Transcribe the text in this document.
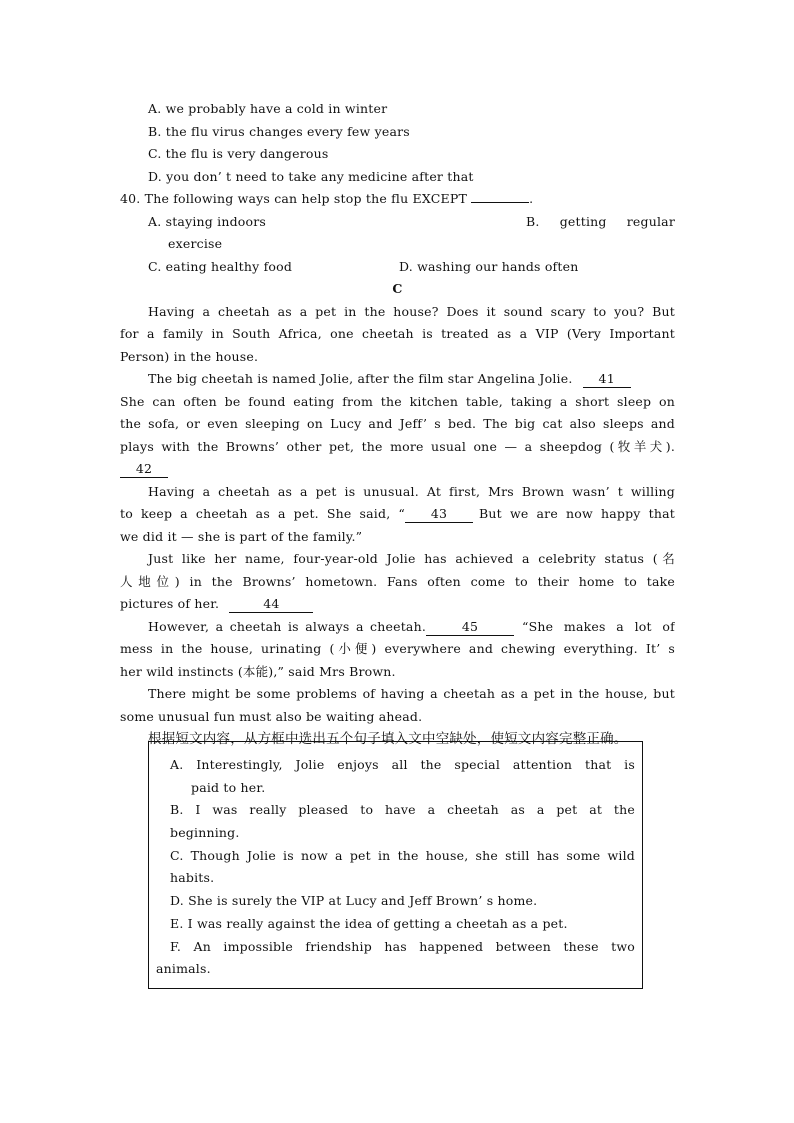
A. we probably have a cold in winter
B. the flu virus changes every few years
C. the flu is very dangerous
D. you don’ t need to take any medicine after that
40. The following ways can help stop the flu EXCEPT	.
A. staying indoors	B. getting regular
exercise
C. eating healthy food	D. washing our hands often
C
Having a cheetah as a pet in the house? Does it sound scary to you? But
for a family in South Africa, one cheetah is treated as a VIP (Very Important
Person) in the house.
The big cheetah is named Jolie, after the film star Angelina Jolie. 41
She can often be found eating from the kitchen table, taking a short sleep on
the sofa, or even sleeping on Lucy and Jeff’ s bed. The big cat also sleeps and
plays with the Browns’ other pet, the more usual one — a sheepdog (牧羊犬).
42
Having a cheetah as a pet is unusual. At first, Mrs Brown wasn’ t willing
to keep a cheetah as a pet. She said, “	43	But we are now happy that
we did it — she is part of the family.”
Just like her name, four-year-old Jolie has achieved a celebrity status (名
人地位) in the Browns’ hometown. Fans often come to their home to take
pictures of her.	44
However, a cheetah is always a cheetah.	45	“She makes a lot of
mess in the house, urinating (小便) everywhere and chewing everything. It’ s
her wild instincts (本能),” said Mrs Brown.
There might be some problems of having a cheetah as a pet in the house, but
some unusual fun must also be waiting ahead.
根据短文内容，从方框中选出五个句子填入文中空缺处，使短文内容完整正确。
A. Interestingly, Jolie enjoys all the special attention that is
paid to her.
B. I was really pleased to have a cheetah as a pet at the
beginning.
C. Though Jolie is now a pet in the house, she still has some wild
habits.
D. She is surely the VIP at Lucy and Jeff Brown’ s home.
E. I was really against the idea of getting a cheetah as a pet.
F. An impossible friendship has happened between these two
animals.
